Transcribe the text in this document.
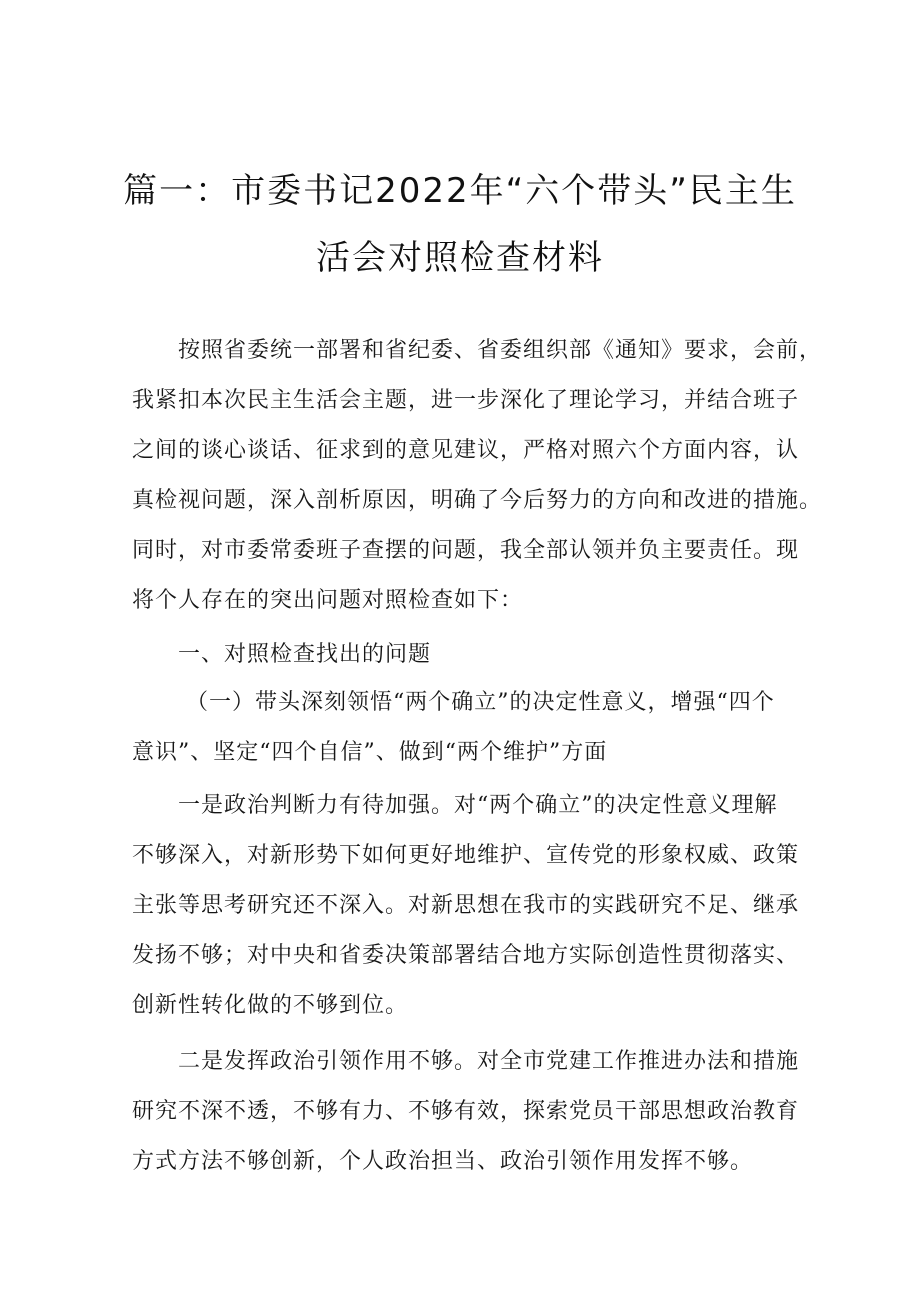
篇一：市委书记2022年“六个带头”民主生
活会对照检查材料
按照省委统一部署和省纪委、省委组织部《通知》要求，会前，
我紧扣本次民主生活会主题，进一步深化了理论学习，并结合班子
之间的谈心谈话、征求到的意见建议，严格对照六个方面内容，认
真检视问题，深入剖析原因，明确了今后努力的方向和改进的措施。
同时，对市委常委班子查摆的问题，我全部认领并负主要责任。现
将个人存在的突出问题对照检查如下：
一、对照检查找出的问题
（一）带头深刻领悟“两个确立”的决定性意义，增强“四个
意识”、坚定“四个自信”、做到“两个维护”方面
一是政治判断力有待加强。对“两个确立”的决定性意义理解
不够深入，对新形势下如何更好地维护、宣传党的形象权威、政策
主张等思考研究还不深入。对新思想在我市的实践研究不足、继承
发扬不够；对中央和省委决策部署结合地方实际创造性贯彻落实、
创新性转化做的不够到位。
二是发挥政治引领作用不够。对全市党建工作推进办法和措施
研究不深不透，不够有力、不够有效，探索党员干部思想政治教育
方式方法不够创新，个人政治担当、政治引领作用发挥不够。
